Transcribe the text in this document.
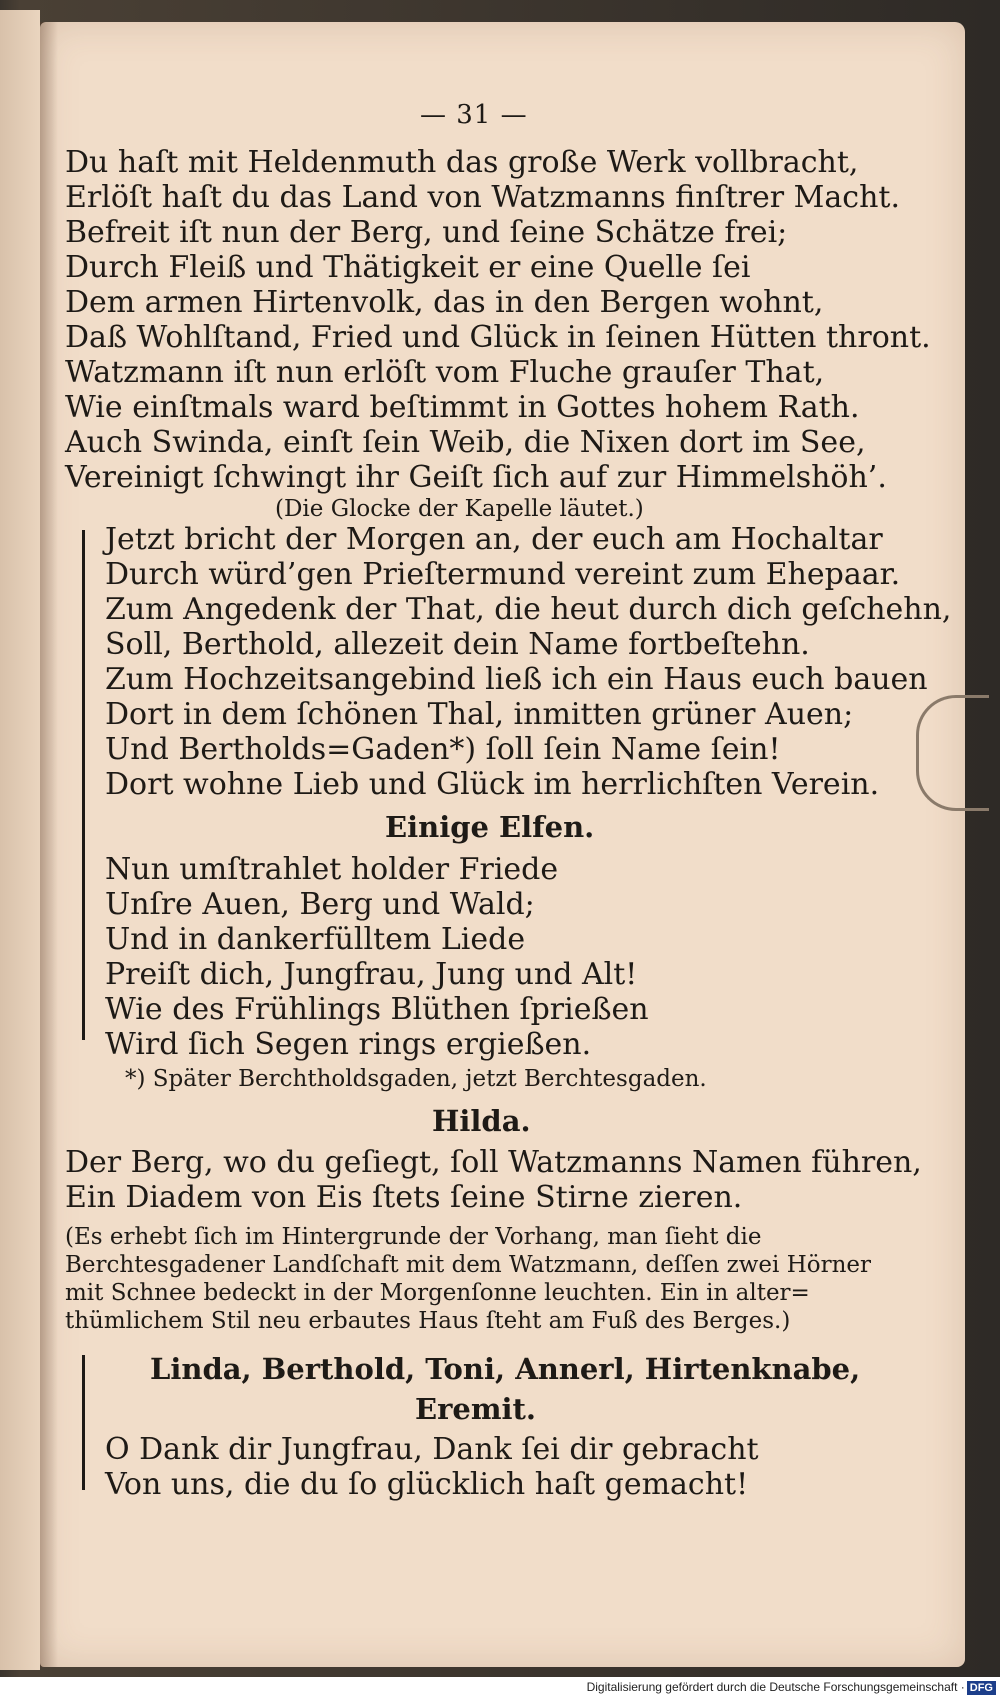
— 31 —
Du haſt mit Heldenmuth das große Werk vollbracht,
Erlöſt haſt du das Land von Watzmanns finſtrer Macht.
Befreit iſt nun der Berg, und ſeine Schätze frei;
Durch Fleiß und Thätigkeit er eine Quelle ſei
Dem armen Hirtenvolk, das in den Bergen wohnt,
Daß Wohlſtand, Fried und Glück in ſeinen Hütten thront.
Watzmann iſt nun erlöſt vom Fluche grauſer That,
Wie einſtmals ward beſtimmt in Gottes hohem Rath.
Auch Swinda, einſt ſein Weib, die Nixen dort im See,
Vereinigt ſchwingt ihr Geiſt ſich auf zur Himmelshöh’.
(Die Glocke der Kapelle läutet.)
Jetzt bricht der Morgen an, der euch am Hochaltar
Durch würd’gen Prieſtermund vereint zum Ehepaar.
Zum Angedenk der That, die heut durch dich geſchehn,
Soll, Berthold, allezeit dein Name fortbeſtehn.
Zum Hochzeitsangebind ließ ich ein Haus euch bauen
Dort in dem ſchönen Thal, inmitten grüner Auen;
Und Bertholds=Gaden*) ſoll ſein Name ſein!
Dort wohne Lieb und Glück im herrlichſten Verein.
Einige Elfen.
Nun umſtrahlet holder Friede
Unſre Auen, Berg und Wald;
Und in dankerfülltem Liede
Preiſt dich, Jungfrau, Jung und Alt!
Wie des Frühlings Blüthen ſprießen
Wird ſich Segen rings ergießen.
*) Später Berchtholdsgaden, jetzt Berchtesgaden.
Hilda.
Der Berg, wo du geſiegt, ſoll Watzmanns Namen führen,
Ein Diadem von Eis ſtets ſeine Stirne zieren.
(Es erhebt ſich im Hintergrunde der Vorhang, man ſieht die
Berchtesgadener Landſchaft mit dem Watzmann, deſſen zwei Hörner
mit Schnee bedeckt in der Morgenſonne leuchten. Ein in alter=
thümlichem Stil neu erbautes Haus ſteht am Fuß des Berges.)
Linda, Berthold, Toni, Annerl, Hirtenknabe,
Eremit.
O Dank dir Jungfrau, Dank ſei dir gebracht
Von uns, die du ſo glücklich haſt gemacht!
Digitalisierung gefördert durch die Deutsche Forschungsgemeinschaft · DFG
